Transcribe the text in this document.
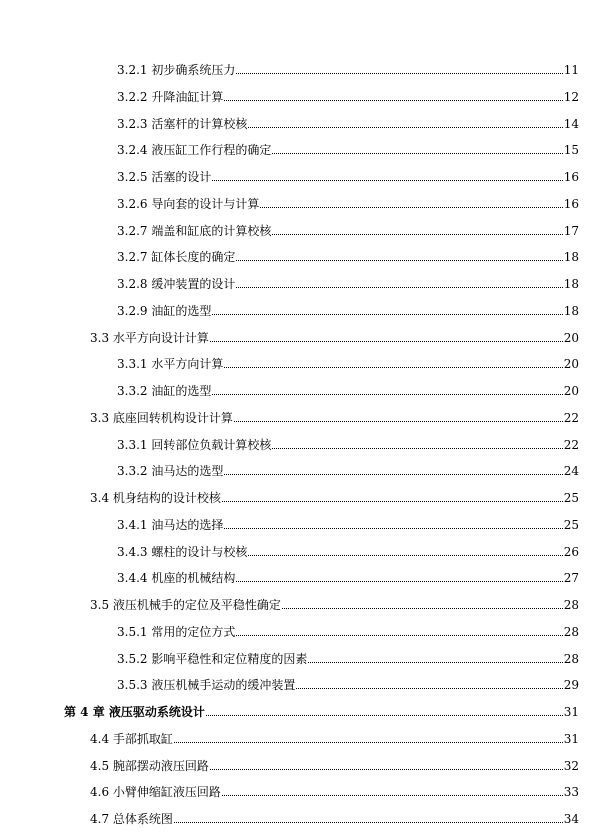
3.2.1 初步确系统压力	11
3.2.2 升降油缸计算	12
3.2.3 活塞杆的计算校核	14
3.2.4 液压缸工作行程的确定	15
3.2.5 活塞的设计	16
3.2.6 导向套的设计与计算	16
3.2.7 端盖和缸底的计算校核	17
3.2.7 缸体长度的确定	18
3.2.8 缓冲装置的设计	18
3.2.9 油缸的选型	18
3.3 水平方向设计计算	20
3.3.1 水平方向计算	20
3.3.2 油缸的选型	20
3.3 底座回转机构设计计算	22
3.3.1 回转部位负载计算校核	22
3.3.2 油马达的选型	24
3.4 机身结构的设计校核	25
3.4.1 油马达的选择	25
3.4.3 螺柱的设计与校核	26
3.4.4 机座的机械结构	27
3.5 液压机械手的定位及平稳性确定	28
3.5.1 常用的定位方式	28
3.5.2 影响平稳性和定位精度的因素	28
3.5.3 液压机械手运动的缓冲装置	29
第 4 章 液压驱动系统设计	31
4.4 手部抓取缸	31
4.5 腕部摆动液压回路	32
4.6 小臂伸缩缸液压回路	33
4.7 总体系统图	34
